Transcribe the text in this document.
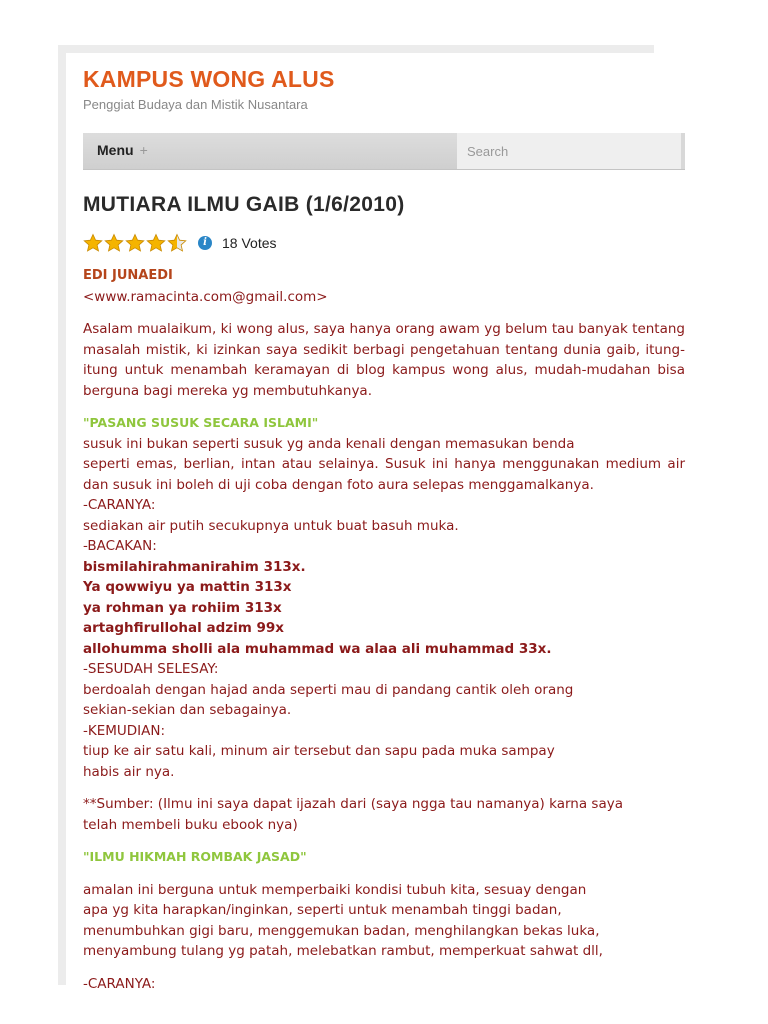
KAMPUS WONG ALUS
Penggiat Budaya dan Mistik Nusantara
Menu +
Search
MUTIARA ILMU GAIB (1/6/2010)
i	18 Votes
EDI JUNAEDI
<www.ramacinta.com@gmail.com>

Asalam mualaikum, ki wong alus, saya hanya orang awam yg belum tau banyak tentang masalah mistik, ki izinkan saya sedikit berbagi pengetahuan tentang dunia gaib, itung-itung untuk menambah keramayan di blog kampus wong alus, mudah-mudahan bisa berguna bagi mereka yg membutuhkanya.

"PASANG SUSUK SECARA ISLAMI"
susuk ini bukan seperti susuk yg anda kenali dengan memasukan benda
seperti emas, berlian, intan atau selainya. Susuk ini hanya menggunakan medium air dan susuk ini boleh di uji coba dengan foto aura selepas menggamalkanya.
-CARANYA:
sediakan air putih secukupnya untuk buat basuh muka.
-BACAKAN:
bismilahirahmanirahim 313x.
Ya qowwiyu ya mattin 313x
ya rohman ya rohiim 313x
artaghfirullohal adzim 99x
allohumma sholli ala muhammad wa alaa ali muhammad 33x.
-SESUDAH SELESAY:
berdoalah dengan hajad anda seperti mau di pandang cantik oleh orang
sekian-sekian dan sebagainya.
-KEMUDIAN:
tiup ke air satu kali, minum air tersebut dan sapu pada muka sampay
habis air nya.

**Sumber: (Ilmu ini saya dapat ijazah dari (saya ngga tau namanya) karna saya
telah membeli buku ebook nya)

"ILMU HIKMAH ROMBAK JASAD"

amalan ini berguna untuk memperbaiki kondisi tubuh kita, sesuay dengan
apa yg kita harapkan/inginkan, seperti untuk menambah tinggi badan,
menumbuhkan gigi baru, menggemukan badan, menghilangkan bekas luka,
menyambung tulang yg patah, melebatkan rambut, memperkuat sahwat dll,

-CARANYA:
